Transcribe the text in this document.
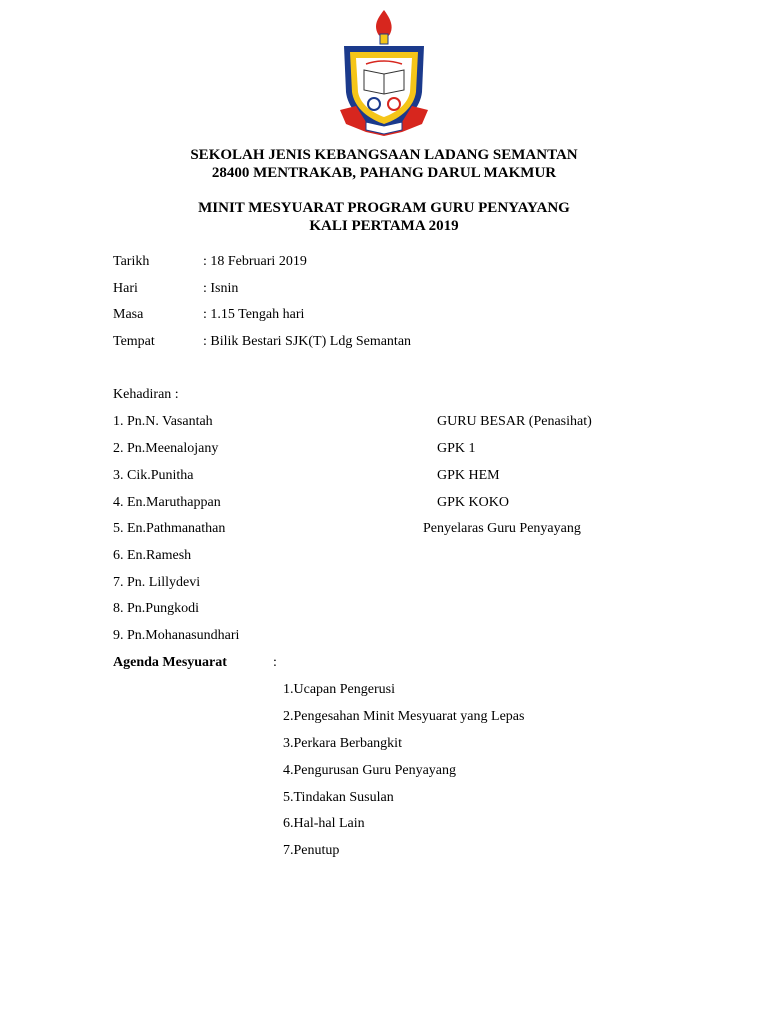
SEKOLAH JENIS KEBANGSAAN LADANG SEMANTAN
28400 MENTRAKAB, PAHANG DARUL MAKMUR
MINIT MESYUARAT PROGRAM GURU PENYAYANG
KALI PERTAMA 2019
Tarikh	: 18 Februari 2019
Hari	: Isnin
Masa	: 1.15 Tengah hari
Tempat	: Bilik Bestari SJK(T) Ldg Semantan
Kehadiran :
1. Pn.N. Vasantah	GURU BESAR (Penasihat)
2. Pn.Meenalojany	GPK 1
3. Cik.Punitha	GPK HEM
4. En.Maruthappan	GPK KOKO
5. En.Pathmanathan	Penyelaras Guru Penyayang
6. En.Ramesh
7. Pn. Lillydevi
8. Pn.Pungkodi
9. Pn.Mohanasundhari
Agenda Mesyuarat	:
1.Ucapan Pengerusi
2.Pengesahan Minit Mesyuarat yang Lepas
3.Perkara Berbangkit
4.Pengurusan Guru Penyayang
5.Tindakan Susulan
6.Hal-hal Lain
7.Penutup
